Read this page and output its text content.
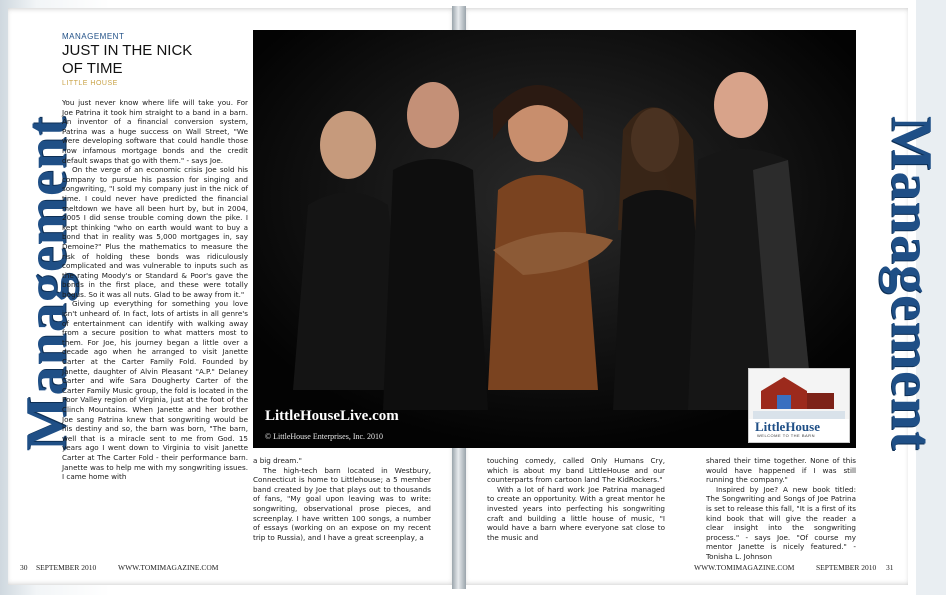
Management	Management
MANAGEMENT
JUST IN THE NICK OF TIME
LITTLE HOUSE

You just never know where life will take you. For Joe Patrina it took him straight to a band in a barn. An inventor of a financial conversion system, Patrina was a huge success on Wall Street, "We were developing software that could handle those now infamous mortgage bonds and the credit default swaps that go with them." - says Joe.

On the verge of an economic crisis Joe sold his company to pursue his passion for singing and songwriting, "I sold my company just in the nick of time. I could never have predicted the financial meltdown we have all been hurt by, but in 2004, 2005 I did sense trouble coming down the pike. I kept thinking "who on earth would want to buy a bond that in reality was 5,000 mortgages in, say Demoine?" Plus the mathematics to measure the risk of holding these bonds was ridiculously complicated and was vulnerable to inputs such as the rating Moody's or Standard & Poor's gave the bonds in the first place, and these were totally bogus. So it was all nuts. Glad to be away from it."

Giving up everything for something you love isn't unheard of. In fact, lots of artists in all genre's of entertainment can identify with walking away from a secure position to what matters most to them. For Joe, his journey began a little over a decade ago when he arranged to visit Janette Carter at the Carter Family Fold. Founded by Janette, daughter of Alvin Pleasant "A.P." Delaney Carter and wife Sara Dougherty Carter of the Carter Family Music group, the fold is located in the Poor Valley region of Virginia, just at the foot of the Clinch Mountains. When Janette and her brother Joe sang Patrina knew that songwriting would be his destiny and so, the barn was born, "The barn, well that is a miracle sent to me from God. 15 years ago I went down to Virginia to visit Janette Carter at The Carter Fold - their performance barn. Janette was to help me with my songwriting issues. I came home with

LittleHouseLive.com
© LittleHouse Enterprises, Inc. 2010
LittleHouse
WELCOME TO THE BARN

a big dream."

The high-tech barn located in Westbury, Connecticut is home to Littlehouse; a 5 member band created by Joe that plays out to thousands of fans, "My goal upon leaving was to write: songwriting, observational prose pieces, and screenplay. I have written 100 songs, a number of essays (working on an expose on my recent trip to Russia), and I have a great screenplay, a

touching comedy, called Only Humans Cry, which is about my band LittleHouse and our counterparts from cartoon land The KidRockers."

With a lot of hard work Joe Patrina managed to create an opportunity. With a great mentor he invested years into perfecting his songwriting craft and building a little house of music, "I would have a barn where everyone sat close to the music and

shared their time together. None of this would have happened if I was still running the company."

Inspired by Joe? A new book titled: The Songwriting and Songs of Joe Patrina is set to release this fall, "It is a first of its kind book that will give the reader a clear insight into the songwriting process." - says Joe. "Of course my mentor Janette is nicely featured." - Tonisha L. Johnson

30 SEPTEMBER 2010	WWW.TOMIMAGAZINE.COM	WWW.TOMIMAGAZINE.COM	SEPTEMBER 2010 31
